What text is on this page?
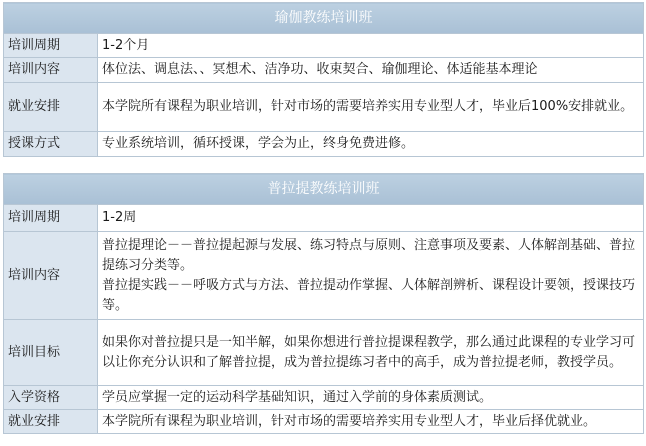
瑜伽教练培训班	
培训周期	1-2个月
培训内容	体位法、调息法、、冥想术、洁净功、收束契合、瑜伽理论、体适能基本理论
就业安排	本学院所有课程为职业培训，针对市场的需要培养实用专业型人才，毕业后100%安排就业。
授课方式	专业系统培训，循环授课，学会为止，终身免费进修。
普拉提教练培训班	
培训周期	1-2周
培训内容	普拉提理论－－普拉提起源与发展、练习特点与原则、注意事项及要素、人体解剖基础、普拉提练习分类等。
普拉提实践－－呼吸方式与方法、普拉提动作掌握、人体解剖辨析、课程设计要领，授课技巧等。

培训目标	如果你对普拉提只是一知半解，如果你想进行普拉提课程教学，那么通过此课程的专业学习可以让你充分认识和了解普拉提，成为普拉提练习者中的高手，成为普拉提老师，教授学员。
入学资格	学员应掌握一定的运动科学基础知识，通过入学前的身体素质测试。
就业安排	本学院所有课程为职业培训，针对市场的需要培养实用专业型人才，毕业后择优就业。
